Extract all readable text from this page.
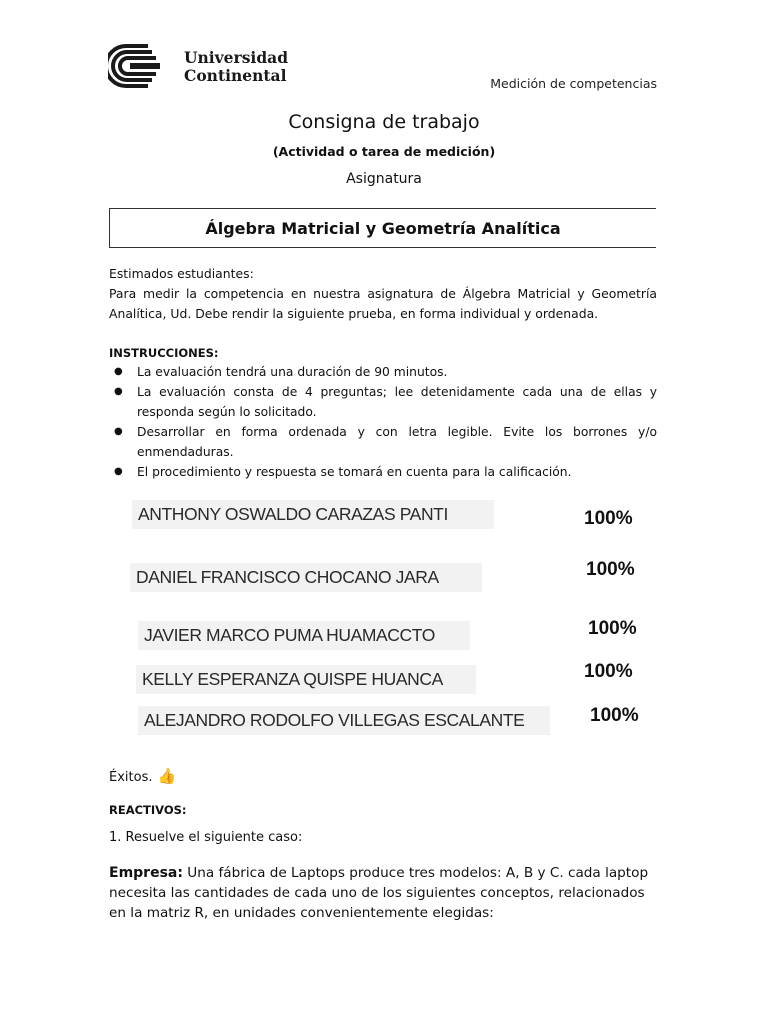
Universidad
Continental	Medición de competencias
Consigna de trabajo
(Actividad o tarea de medición)
Asignatura
Álgebra Matricial y Geometría Analítica
Estimados estudiantes:
Para medir la competencia en nuestra asignatura de Álgebra Matricial y Geometría Analítica, Ud. Debe rendir la siguiente prueba, en forma individual y ordenada.
INSTRUCCIONES:
● La evaluación tendrá una duración de 90 minutos.
● La evaluación consta de 4 preguntas; lee detenidamente cada una de ellas y responda según lo solicitado.
● Desarrollar en forma ordenada y con letra legible. Evite los borrones y/o enmendaduras.
● El procedimiento y respuesta se tomará en cuenta para la calificación.
ANTHONY OSWALDO CARAZAS PANTI	100%
DANIEL FRANCISCO CHOCANO JARA	100%
JAVIER MARCO PUMA HUAMACCTO	100%
KELLY ESPERANZA QUISPE HUANCA	100%
ALEJANDRO RODOLFO VILLEGAS ESCALANTE	100%
Éxitos. 👍
REACTIVOS:
1. Resuelve el siguiente caso:
Empresa: Una fábrica de Laptops produce tres modelos: A, B y C. cada laptop necesita las cantidades de cada uno de los siguientes conceptos, relacionados en la matriz R, en unidades convenientemente elegidas:
